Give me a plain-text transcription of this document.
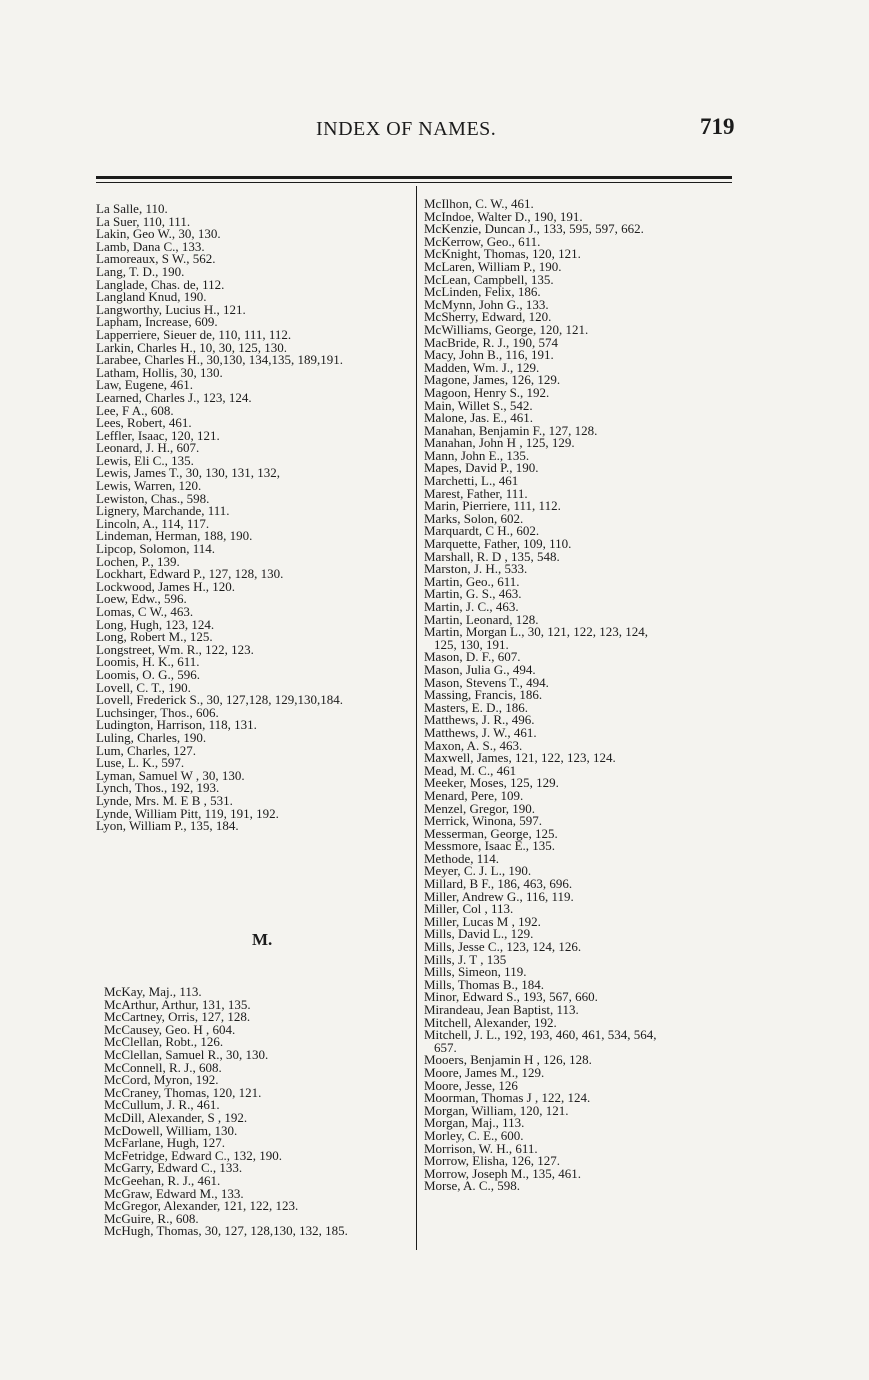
INDEX OF NAMES.	719
La Salle, 110.
La Suer, 110, 111.
Lakin, Geo W., 30, 130.
Lamb, Dana C., 133.
Lamoreaux, S W., 562.
Lang, T. D., 190.
Langlade, Chas. de, 112.
Langland Knud, 190.
Langworthy, Lucius H., 121.
Lapham, Increase, 609.
Lapperriere, Sieuer de, 110, 111, 112.
Larkin, Charles H., 10, 30, 125, 130.
Larabee, Charles H., 30,130, 134,135, 189,191.
Latham, Hollis, 30, 130.
Law, Eugene, 461.
Learned, Charles J., 123, 124.
Lee, F A., 608.
Lees, Robert, 461.
Leffler, Isaac, 120, 121.
Leonard, J. H., 607.
Lewis, Eli C., 135.
Lewis, James T., 30, 130, 131, 132,
Lewis, Warren, 120.
Lewiston, Chas., 598.
Lignery, Marchande, 111.
Lincoln, A., 114, 117.
Lindeman, Herman, 188, 190.
Lipcop, Solomon, 114.
Lochen, P., 139.
Lockhart, Edward P., 127, 128, 130.
Lockwood, James H., 120.
Loew, Edw., 596.
Lomas, C W., 463.
Long, Hugh, 123, 124.
Long, Robert M., 125.
Longstreet, Wm. R., 122, 123.
Loomis, H. K., 611.
Loomis, O. G., 596.
Lovell, C. T., 190.
Lovell, Frederick S., 30, 127,128, 129,130,184.
Luchsinger, Thos., 606.
Ludington, Harrison, 118, 131.
Luling, Charles, 190.
Lum, Charles, 127.
Luse, L. K., 597.
Lyman, Samuel W , 30, 130.
Lynch, Thos., 192, 193.
Lynde, Mrs. M. E B , 531.
Lynde, William Pitt, 119, 191, 192.
Lyon, William P., 135, 184.
M.
McKay, Maj., 113.
McArthur, Arthur, 131, 135.
McCartney, Orris, 127, 128.
McCausey, Geo. H , 604.
McClellan, Robt., 126.
McClellan, Samuel R., 30, 130.
McConnell, R. J., 608.
McCord, Myron, 192.
McCraney, Thomas, 120, 121.
McCullum, J. R., 461.
McDill, Alexander, S , 192.
McDowell, William, 130.
McFarlane, Hugh, 127.
McFetridge, Edward C., 132, 190.
McGarry, Edward C., 133.
McGeehan, R. J., 461.
McGraw, Edward M., 133.
McGregor, Alexander, 121, 122, 123.
McGuire, R., 608.
McHugh, Thomas, 30, 127, 128,130, 132, 185.
McIlhon, C. W., 461.
McIndoe, Walter D., 190, 191.
McKenzie, Duncan J., 133, 595, 597, 662.
McKerrow, Geo., 611.
McKnight, Thomas, 120, 121.
McLaren, William P., 190.
McLean, Campbell, 135.
McLinden, Felix, 186.
McMynn, John G., 133.
McSherry, Edward, 120.
McWilliams, George, 120, 121.
MacBride, R. J., 190, 574
Macy, John B., 116, 191.
Madden, Wm. J., 129.
Magone, James, 126, 129.
Magoon, Henry S., 192.
Main, Willet S., 542.
Malone, Jas. E., 461.
Manahan, Benjamin F., 127, 128.
Manahan, John H , 125, 129.
Mann, John E., 135.
Mapes, David P., 190.
Marchetti, L., 461
Marest, Father, 111.
Marin, Pierriere, 111, 112.
Marks, Solon, 602.
Marquardt, C H., 602.
Marquette, Father, 109, 110.
Marshall, R. D , 135, 548.
Marston, J. H., 533.
Martin, Geo., 611.
Martin, G. S., 463.
Martin, J. C., 463.
Martin, Leonard, 128.
Martin, Morgan L., 30, 121, 122, 123, 124,
125, 130, 191.
Mason, D. F., 607.
Mason, Julia G., 494.
Mason, Stevens T., 494.
Massing, Francis, 186.
Masters, E. D., 186.
Matthews, J. R., 496.
Matthews, J. W., 461.
Maxon, A. S., 463.
Maxwell, James, 121, 122, 123, 124.
Mead, M. C., 461
Meeker, Moses, 125, 129.
Menard, Pere, 109.
Menzel, Gregor, 190.
Merrick, Winona, 597.
Messerman, George, 125.
Messmore, Isaac E., 135.
Methode, 114.
Meyer, C. J. L., 190.
Millard, B F., 186, 463, 696.
Miller, Andrew G., 116, 119.
Miller, Col , 113.
Miller, Lucas M , 192.
Mills, David L., 129.
Mills, Jesse C., 123, 124, 126.
Mills, J. T , 135
Mills, Simeon, 119.
Mills, Thomas B., 184.
Minor, Edward S., 193, 567, 660.
Mirandeau, Jean Baptist, 113.
Mitchell, Alexander, 192.
Mitchell, J. L., 192, 193, 460, 461, 534, 564,
657.
Mooers, Benjamin H , 126, 128.
Moore, James M., 129.
Moore, Jesse, 126
Moorman, Thomas J , 122, 124.
Morgan, William, 120, 121.
Morgan, Maj., 113.
Morley, C. E., 600.
Morrison, W. H., 611.
Morrow, Elisha, 126, 127.
Morrow, Joseph M., 135, 461.
Morse, A. C., 598.
